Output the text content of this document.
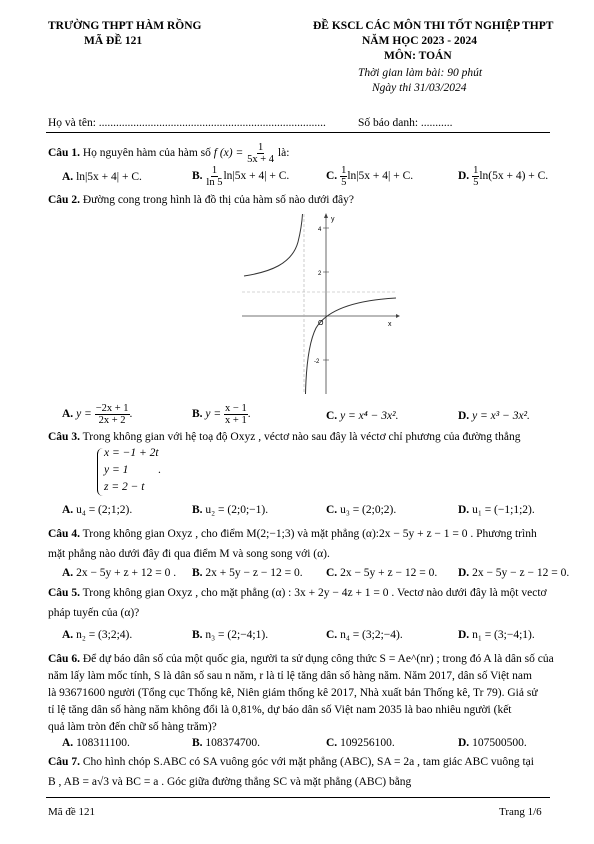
TRƯỜNG THPT HÀM RỒNG
MÃ ĐỀ 121
ĐỀ KSCL CÁC MÔN THI TỐT NGHIỆP THPT
NĂM HỌC 2023 - 2024
MÔN: TOÁN
Thời gian làm bài: 90 phút
Ngày thi 31/03/2024
Họ và tên: ...............................................................................	Số báo danh: ...........
Câu 1. Họ nguyên hàm của hàm số f $(x) = \frac{1}{5x + 4}$ là:
A. ln|5x + 4| + C.	B. $\frac{1}{\ln 5} \ln|5x + 4| + C$.	C. $\frac{1}{5} \ln|5x + 4| + C$.	D. $\frac{1}{5} \ln(5x + 4) + C$.
Câu 2. Đường cong trong hình là đồ thị của hàm số nào dưới đây?
y
x
O
4
2
-2
A. $y = \frac{-2x + 1}{2x + 2}$ .	B. $y = \frac{x - 1}{x + 1}$ .	C. y = x⁴ − 3x².	D. y = x³ − 3x².
Câu 3. Trong không gian với hệ toạ độ Oxyz , véctơ nào sau đây là véctơ chỉ phương của đường thẳng
x = −1 + 2t
y = 1
z = 2 − t
.
A. u₄ = (2;1;2).	B. u₂ = (2;0;−1).	C. u₃ = (2;0;2).	D. u₁ = (−1;1;2).
Câu 4. Trong không gian Oxyz , cho điểm M(2;−1;3) và mặt phẳng (α):2x − 5y + z − 1 = 0 . Phương trình
mặt phẳng nào dưới đây đi qua điểm M và song song với (α).
A. 2x − 5y + z + 12 = 0 . B. 2x + 5y − z − 12 = 0. C. 2x − 5y + z − 12 = 0. D. 2x − 5y − z − 12 = 0.
Câu 5. Trong không gian Oxyz , cho mặt phẳng (α) : 3x + 2y − 4z + 1 = 0 . Vectơ nào dưới đây là một vectơ
pháp tuyến của (α)?
A. n₂ = (3;2;4).	B. n₃ = (2;−4;1).	C. n₄ = (3;2;−4).	D. n₁ = (3;−4;1).
Câu 6. Để dự báo dân số của một quốc gia, người ta sử dụng công thức S = Ae^(nr) ; trong đó A là dân số của
năm lấy làm mốc tính, S là dân số sau n năm, r là tỉ lệ tăng dân số hàng năm. Năm 2017, dân số Việt nam
là 93671600 người (Tổng cục Thống kê, Niên giám thống kê 2017, Nhà xuất bản Thống kê, Tr 79). Giả sử
tỉ lệ tăng dân số hàng năm không đổi là 0,81%, dự báo dân số Việt nam 2035 là bao nhiêu người (kết
quả làm tròn đến chữ số hàng trăm)?
A. 108311100.	B. 108374700.	C. 109256100.	D. 107500500.
Câu 7. Cho hình chóp S.ABC có SA vuông góc với mặt phẳng (ABC), SA = 2a , tam giác ABC vuông tại
B , AB = a√3 và BC = a . Góc giữa đường thẳng SC và mặt phẳng (ABC) bằng
Mã đề 121	Trang 1/6
